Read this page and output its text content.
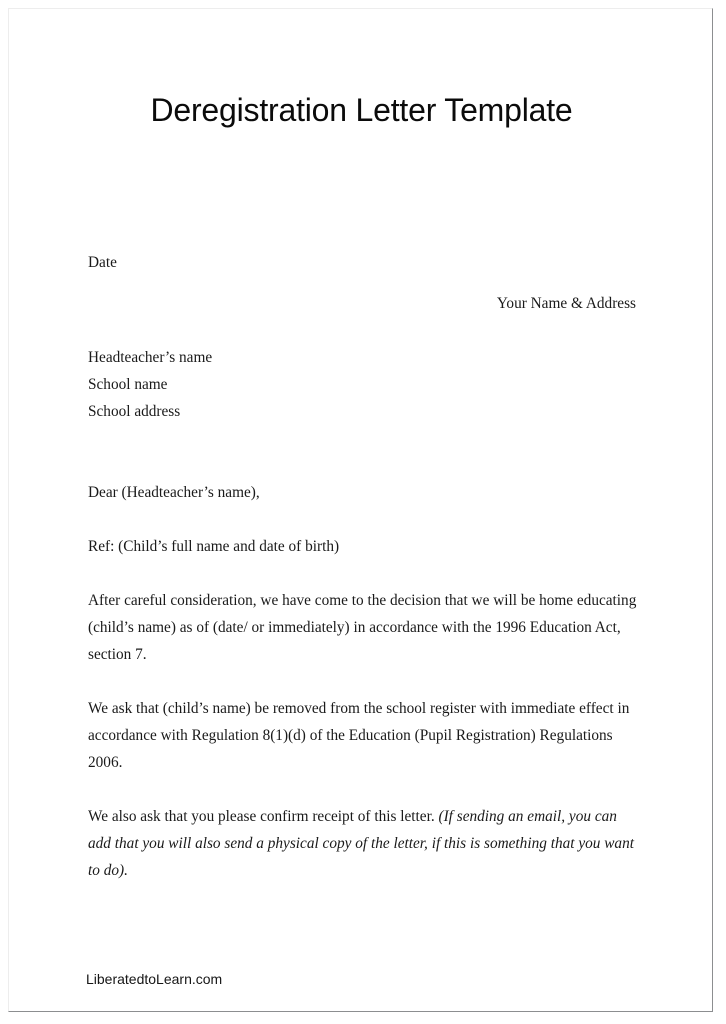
Deregistration Letter Template

Date

Your Name & Address

Headteacher’s name

School name

School address

Dear (Headteacher’s name),

Ref: (Child’s full name and date of birth)

After careful consideration, we have come to the decision that we will be home educating (child’s name) as of (date/ or immediately) in accordance with the 1996 Education Act, section 7.

We ask that (child’s name) be removed from the school register with immediate effect in accordance with Regulation 8(1)(d) of the Education (Pupil Registration) Regulations 2006.

We also ask that you please confirm receipt of this letter. (If sending an email, you can add that you will also send a physical copy of the letter, if this is something that you want to do).

LiberatedtoLearn.com
